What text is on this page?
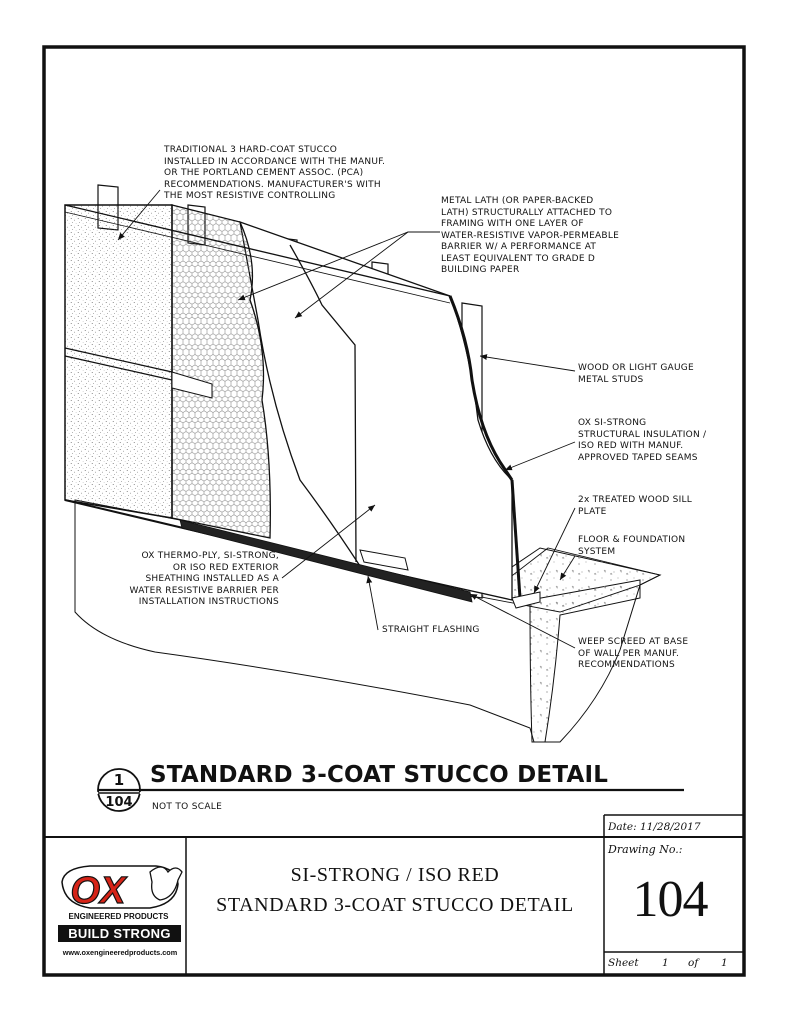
OX

TRADITIONAL 3 HARD-COAT STUCCO
INSTALLED IN ACCORDANCE WITH THE MANUF.
OR THE PORTLAND CEMENT ASSOC. (PCA)
RECOMMENDATIONS. MANUFACTURER'S WITH
THE MOST RESISTIVE CONTROLLING	METAL LATH (OR PAPER-BACKED
LATH) STRUCTURALLY ATTACHED TO
FRAMING WITH ONE LAYER OF
WATER-RESISTIVE VAPOR-PERMEABLE
BARRIER W/ A PERFORMANCE AT
LEAST EQUIVALENT TO GRADE D
BUILDING PAPER

WOOD OR LIGHT GAUGE
METAL STUDS

OX SI-STRONG
STRUCTURAL INSULATION /
ISO RED WITH MANUF.
APPROVED TAPED SEAMS

2x TREATED WOOD SILL
PLATE

FLOOR & FOUNDATION
SYSTEM

OX THERMO-PLY, SI-STRONG,
OR ISO RED EXTERIOR
SHEATHING INSTALLED AS A
WATER RESISTIVE BARRIER PER
INSTALLATION INSTRUCTIONS

STRAIGHT FLASHING

WEEP SCREED AT BASE
OF WALL PER MANUF.
RECOMMENDATIONS

1
104
STANDARD 3-COAT STUCCO DETAIL
NOT TO SCALE
Date: 11/28/2017
Drawing No.:
104
SI-STRONG / ISO RED
STANDARD 3-COAT STUCCO DETAIL
Sheet 1 of 1
ENGINEERED PRODUCTS
BUILD STRONG
www.oxengineeredproducts.com
